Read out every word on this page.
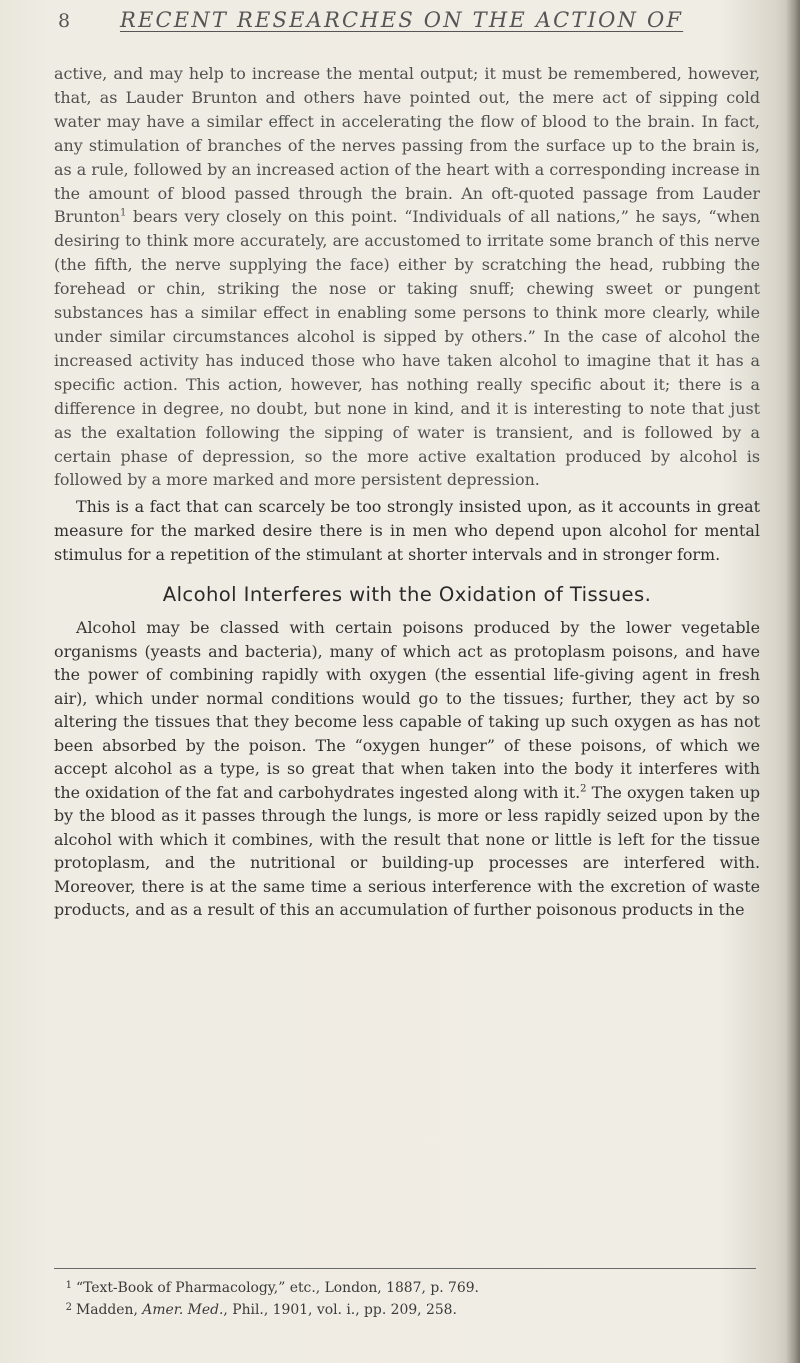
8 RECENT RESEARCHES ON THE ACTION OF

active, and may help to increase the mental output; it must be remembered, however, that, as Lauder Brunton and others have pointed out, the mere act of sipping cold water may have a similar effect in accelerating the flow of blood to the brain. In fact, any stimulation of branches of the nerves passing from the surface up to the brain is, as a rule, followed by an increased action of the heart with a corresponding increase in the amount of blood passed through the brain. An oft-quoted passage from Lauder Brunton$^1$ bears very closely on this point. “Individuals of all nations,” he says, “when desiring to think more accurately, are accustomed to irritate some branch of this nerve (the fifth, the nerve supplying the face) either by scratching the head, rubbing the forehead or chin, striking the nose or taking snuff; chewing sweet or pungent substances has a similar effect in enabling some persons to think more clearly, while under similar circumstances alcohol is sipped by others.” In the case of alcohol the increased activity has induced those who have taken alcohol to imagine that it has a specific action. This action, however, has nothing really specific about it; there is a difference in degree, no doubt, but none in kind, and it is interesting to note that just as the exaltation following the sipping of water is transient, and is followed by a certain phase of depression, so the more active exaltation produced by alcohol is followed by a more marked and more persistent depression.

This is a fact that can scarcely be too strongly insisted upon, as it accounts in great measure for the marked desire there is in men who depend upon alcohol for mental stimulus for a repetition of the stimulant at shorter intervals and in stronger form.

Alcohol Interferes with the Oxidation of Tissues.

Alcohol may be classed with certain poisons produced by the lower vegetable organisms (yeasts and bacteria), many of which act as protoplasm poisons, and have the power of combining rapidly with oxygen (the essential life-giving agent in fresh air), which under normal conditions would go to the tissues; further, they act by so altering the tissues that they become less capable of taking up such oxygen as has not been absorbed by the poison. The “oxygen hunger” of these poisons, of which we accept alcohol as a type, is so great that when taken into the body it interferes with the oxidation of the fat and carbohydrates ingested along with it.$^2$ The oxygen taken up by the blood as it passes through the lungs, is more or less rapidly seized upon by the alcohol with which it combines, with the result that none or little is left for the tissue protoplasm, and the nutritional or building-up processes are interfered with. Moreover, there is at the same time a serious interference with the excretion of waste products, and as a result of this an accumulation of further poisonous products in the

1 “Text-Book of Pharmacology,” etc., London, 1887, p. 769.
2 Madden, Amer. Med., Phil., 1901, vol. i., pp. 209, 258.
